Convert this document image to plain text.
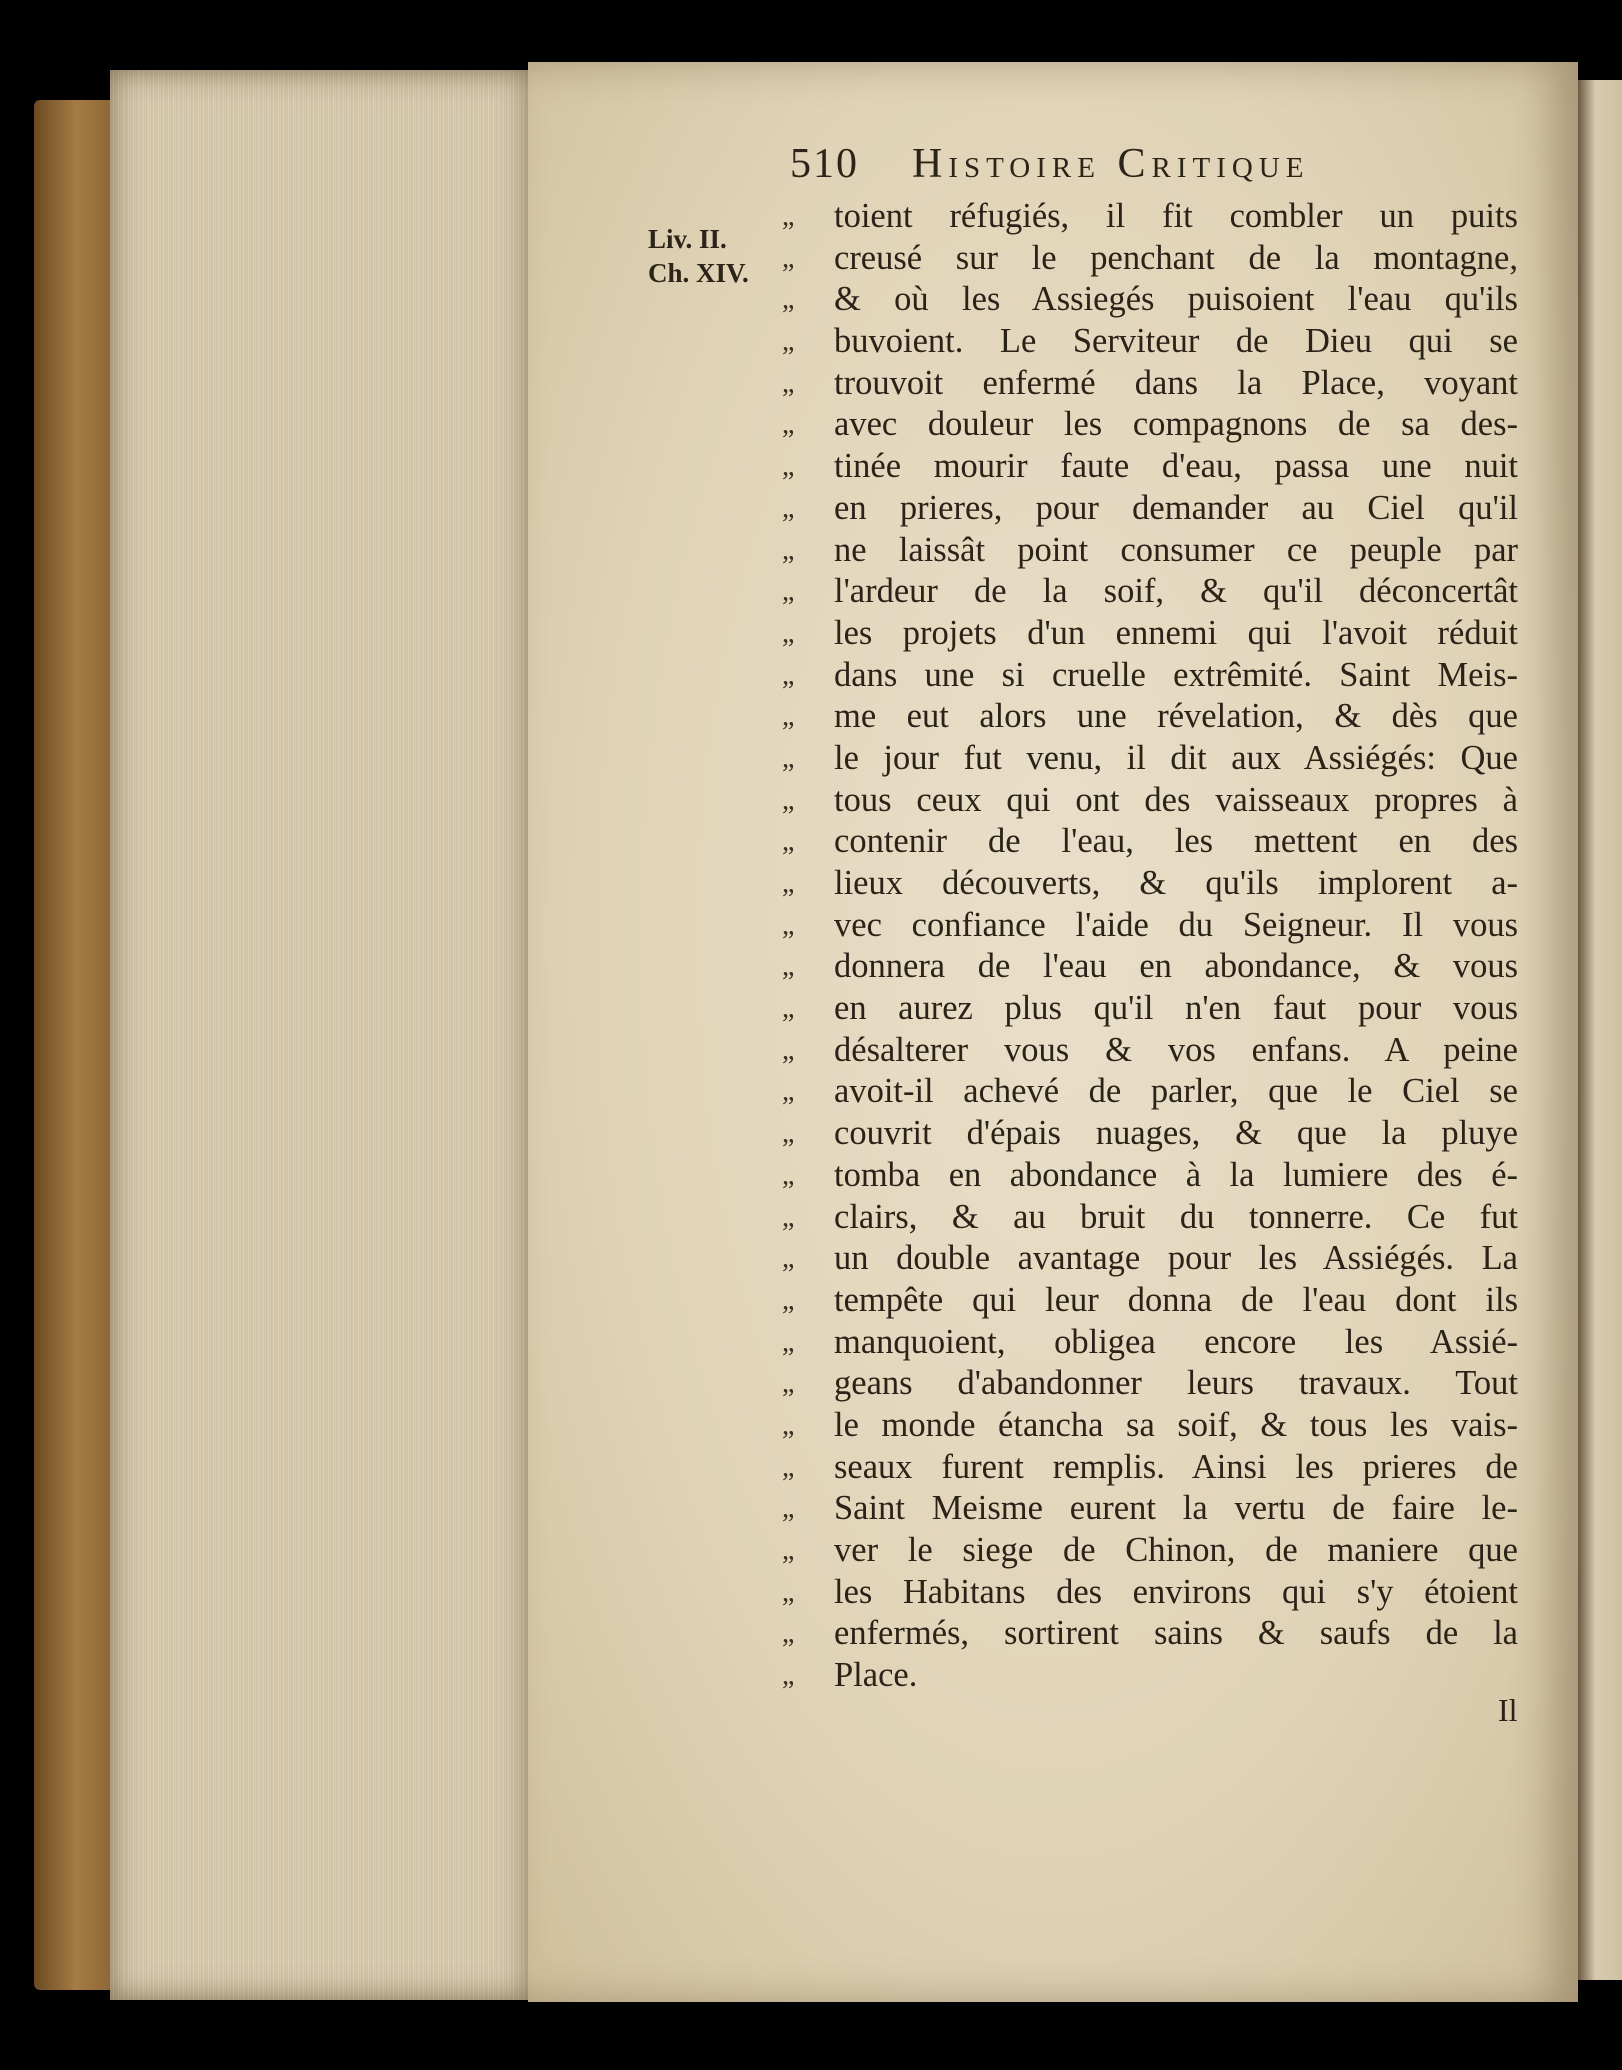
510 Histoire Critique
Liv. II.
Ch. XIV.
„	toient réfugiés, il fit combler un puits
„	creusé sur le penchant de la montagne,
„	& où les Assiegés puisoient l'eau qu'ils
„	buvoient. Le Serviteur de Dieu qui se
„	trouvoit enfermé dans la Place, voyant
„	avec douleur les compagnons de sa des-
„	tinée mourir faute d'eau, passa une nuit
„	en prieres, pour demander au Ciel qu'il
„	ne laissât point consumer ce peuple par
„	l'ardeur de la soif, & qu'il déconcertât
„	les projets d'un ennemi qui l'avoit réduit
„	dans une si cruelle extrêmité. Saint Meis-
„	me eut alors une révelation, & dès que
„	le jour fut venu, il dit aux Assiégés: Que
„	tous ceux qui ont des vaisseaux propres à
„	contenir de l'eau, les mettent en des
„	lieux découverts, & qu'ils implorent a-
„	vec confiance l'aide du Seigneur. Il vous
„	donnera de l'eau en abondance, & vous
„	en aurez plus qu'il n'en faut pour vous
„	désalterer vous & vos enfans. A peine
„	avoit-il achevé de parler, que le Ciel se
„	couvrit d'épais nuages, & que la pluye
„	tomba en abondance à la lumiere des é-
„	clairs, & au bruit du tonnerre. Ce fut
„	un double avantage pour les Assiégés. La
„	tempête qui leur donna de l'eau dont ils
„	manquoient, obligea encore les Assié-
„	geans d'abandonner leurs travaux. Tout
„	le monde étancha sa soif, & tous les vais-
„	seaux furent remplis. Ainsi les prieres de
„	Saint Meisme eurent la vertu de faire le-
„	ver le siege de Chinon, de maniere que
„	les Habitans des environs qui s'y étoient
„	enfermés, sortirent sains & saufs de la
„	Place.
Il
